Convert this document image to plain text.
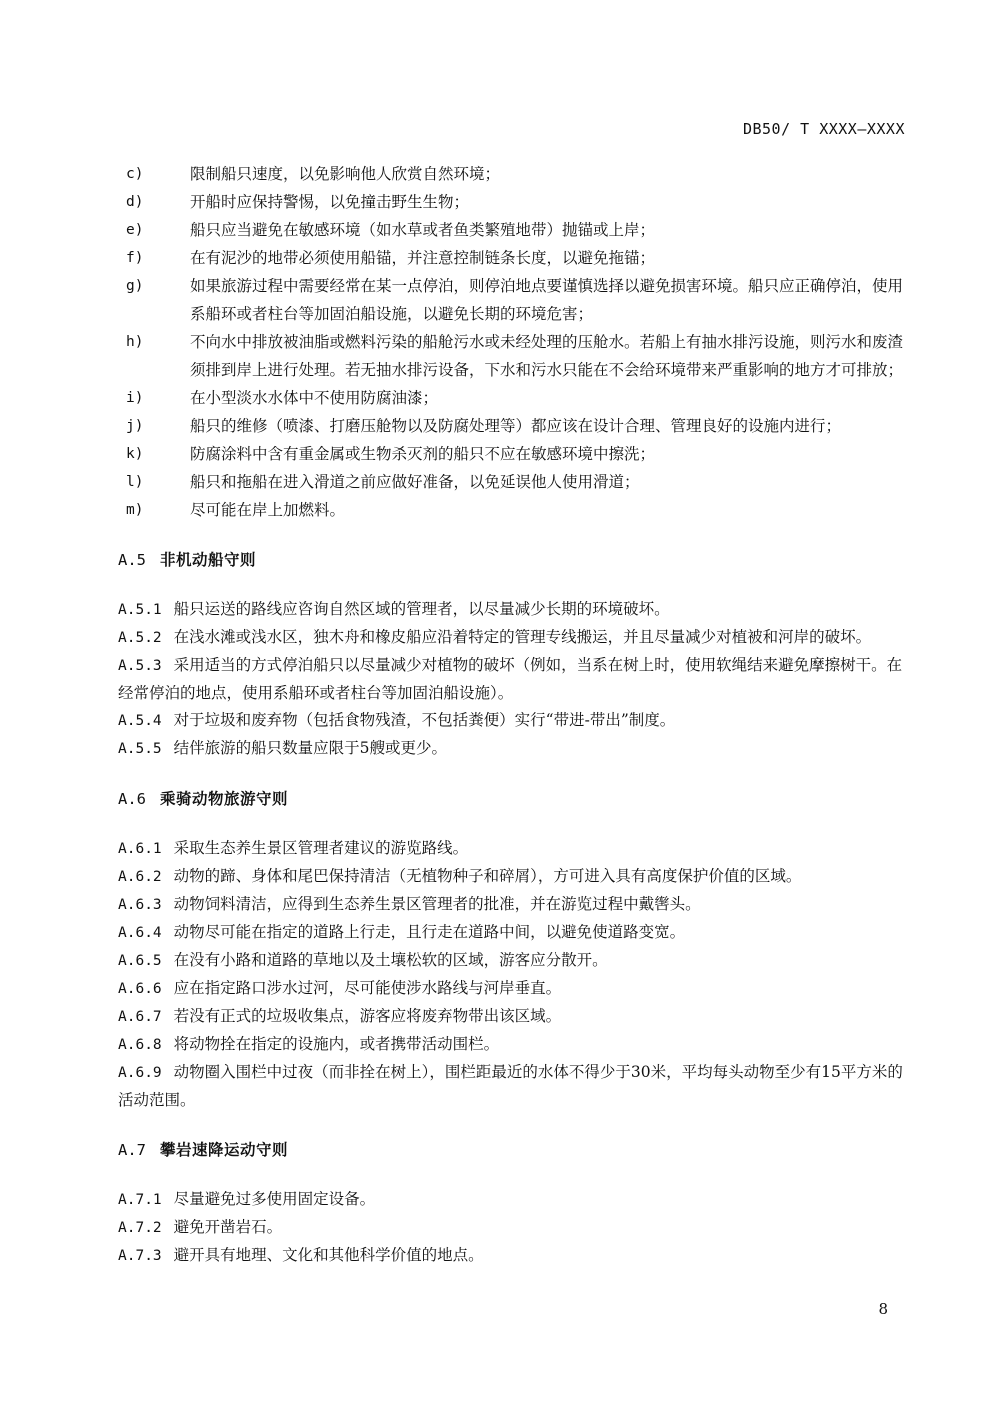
DB50/ T XXXX—XXXX
c)	限制船只速度，以免影响他人欣赏自然环境；
d)	开船时应保持警惕，以免撞击野生生物；
e)	船只应当避免在敏感环境（如水草或者鱼类繁殖地带）抛锚或上岸；
f)	在有泥沙的地带必须使用船锚，并注意控制链条长度，以避免拖锚；
g)	如果旅游过程中需要经常在某一点停泊，则停泊地点要谨慎选择以避免损害环境。船只应正确停泊，使用系船环或者柱台等加固泊船设施，以避免长期的环境危害；
h)	不向水中排放被油脂或燃料污染的船舱污水或未经处理的压舱水。若船上有抽水排污设施，则污水和废渣须排到岸上进行处理。若无抽水排污设备，下水和污水只能在不会给环境带来严重影响的地方才可排放；
i)	在小型淡水水体中不使用防腐油漆；
j)	船只的维修（喷漆、打磨压舱物以及防腐处理等）都应该在设计合理、管理良好的设施内进行；
k)	防腐涂料中含有重金属或生物杀灭剂的船只不应在敏感环境中擦洗；
l)	船只和拖船在进入滑道之前应做好准备，以免延误他人使用滑道；
m)	尽可能在岸上加燃料。
A.5 非机动船守则
A.5.1 船只运送的路线应咨询自然区域的管理者，以尽量减少长期的环境破坏。
A.5.2 在浅水滩或浅水区，独木舟和橡皮船应沿着特定的管理专线搬运，并且尽量减少对植被和河岸的破坏。
A.5.3 采用适当的方式停泊船只以尽量减少对植物的破坏（例如，当系在树上时，使用软绳结来避免摩擦树干。在经常停泊的地点，使用系船环或者柱台等加固泊船设施）。
A.5.4 对于垃圾和废弃物（包括食物残渣，不包括粪便）实行“带进-带出”制度。
A.5.5 结伴旅游的船只数量应限于5艘或更少。
A.6 乘骑动物旅游守则
A.6.1 采取生态养生景区管理者建议的游览路线。
A.6.2 动物的蹄、身体和尾巴保持清洁（无植物种子和碎屑），方可进入具有高度保护价值的区域。
A.6.3 动物饲料清洁，应得到生态养生景区管理者的批准，并在游览过程中戴辔头。
A.6.4 动物尽可能在指定的道路上行走，且行走在道路中间，以避免使道路变宽。
A.6.5 在没有小路和道路的草地以及土壤松软的区域，游客应分散开。
A.6.6 应在指定路口涉水过河，尽可能使涉水路线与河岸垂直。
A.6.7 若没有正式的垃圾收集点，游客应将废弃物带出该区域。
A.6.8 将动物拴在指定的设施内，或者携带活动围栏。
A.6.9 动物圈入围栏中过夜（而非拴在树上），围栏距最近的水体不得少于30米，平均每头动物至少有15平方米的活动范围。
A.7 攀岩速降运动守则
A.7.1 尽量避免过多使用固定设备。
A.7.2 避免开凿岩石。
A.7.3 避开具有地理、文化和其他科学价值的地点。
8
